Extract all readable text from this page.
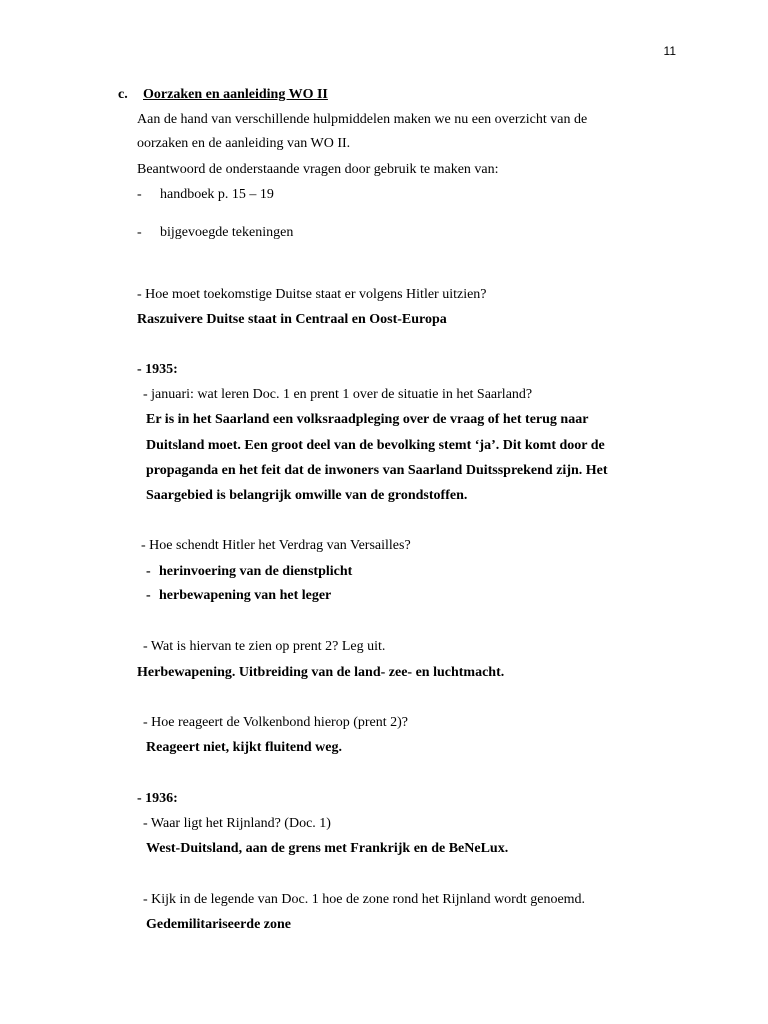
11
c. Oorzaken en aanleiding WO II
Aan de hand van verschillende hulpmiddelen maken we nu een overzicht van de
oorzaken en de aanleiding van WO II.
Beantwoord de onderstaande vragen door gebruik te maken van:
- handboek p. 15 – 19
- bijgevoegde tekeningen
- Hoe moet toekomstige Duitse staat er volgens Hitler uitzien?
Raszuivere Duitse staat in Centraal en Oost-Europa
- 1935:
- januari: wat leren Doc. 1 en prent 1 over de situatie in het Saarland?
Er is in het Saarland een volksraadpleging over de vraag of het terug naar
Duitsland moet. Een groot deel van de bevolking stemt ‘ja’. Dit komt door de
propaganda en het feit dat de inwoners van Saarland Duitssprekend zijn. Het
Saargebied is belangrijk omwille van de grondstoffen.
- Hoe schendt Hitler het Verdrag van Versailles?
- herinvoering van de dienstplicht
- herbewapening van het leger
- Wat is hiervan te zien op prent 2? Leg uit.
Herbewapening. Uitbreiding van de land- zee- en luchtmacht.
- Hoe reageert de Volkenbond hierop (prent 2)?
Reageert niet, kijkt fluitend weg.
- 1936:
- Waar ligt het Rijnland? (Doc. 1)
West-Duitsland, aan de grens met Frankrijk en de BeNeLux.
- Kijk in de legende van Doc. 1 hoe de zone rond het Rijnland wordt genoemd.
Gedemilitariseerde zone
